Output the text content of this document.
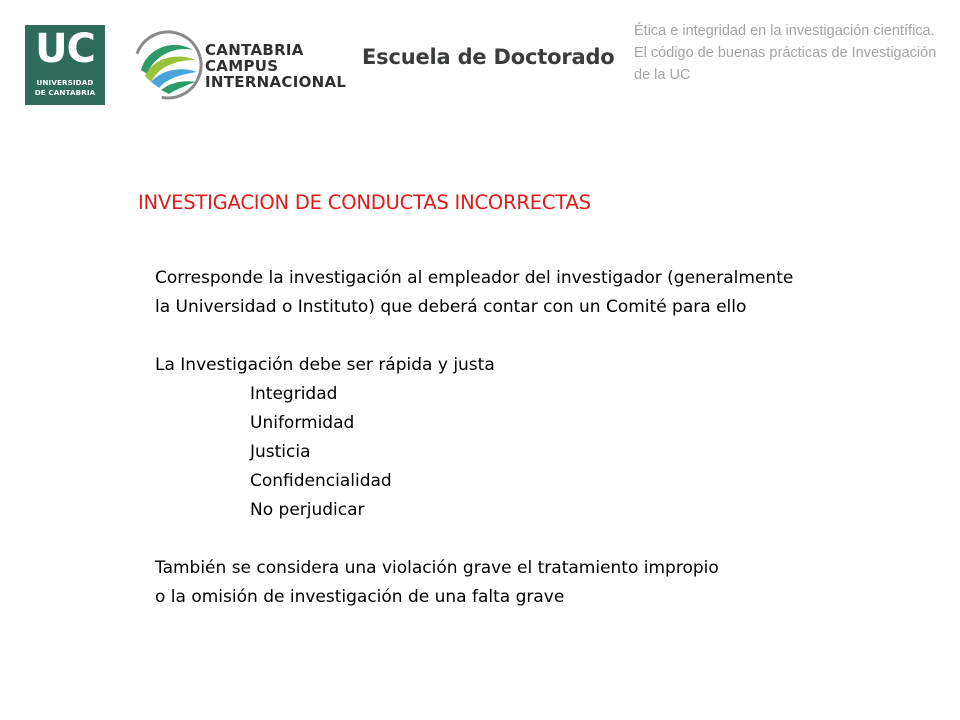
UC
UNIVERSIDAD
DE CANTABRIA
CANTABRIA
CAMPUS
INTERNACIONAL
Escuela de Doctorado
Ética e integridad en la investigación científica. El código de buenas prácticas de Investigación de la UC
INVESTIGACION DE CONDUCTAS INCORRECTAS
Corresponde la investigación al empleador del investigador (generalmente
la Universidad o Instituto) que deberá contar con un Comité para ello
La Investigación debe ser rápida y justa
Integridad
Uniformidad
Justicia
Confidencialidad
No perjudicar
También se considera una violación grave el tratamiento impropio
o la omisión de investigación de una falta grave
